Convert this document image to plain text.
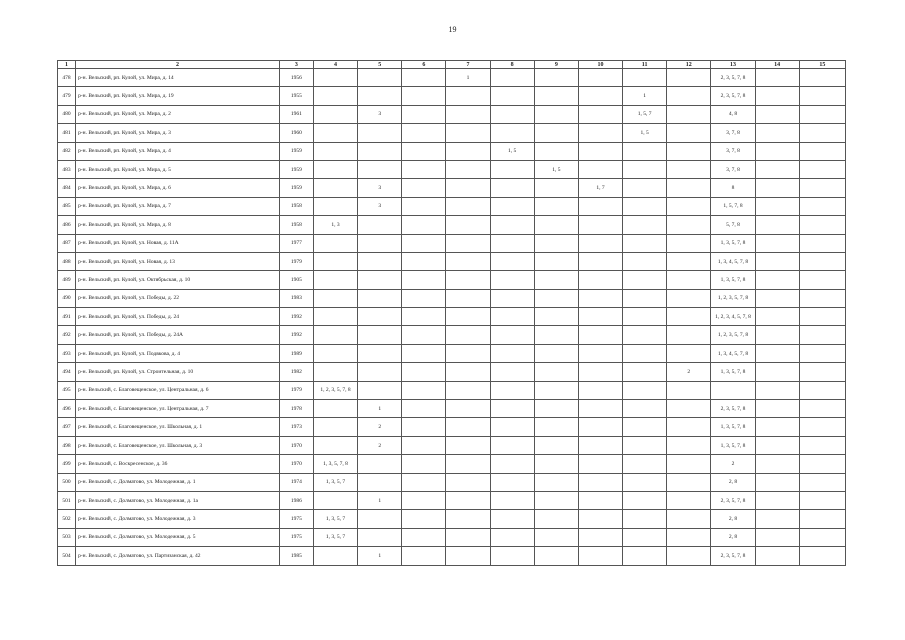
19
1	2	3	4	5	6	7	8	9	10	11	12	13	14	15
478	р-н. Вельский, рп. Кулой, ул. Мира, д. 14	1956				1						2, 3, 5, 7, 8		
479	р-н. Вельский, рп. Кулой, ул. Мира, д. 19	1955								1		2, 3, 5, 7, 8		
480	р-н. Вельский, рп. Кулой, ул. Мира, д. 2	1961		3						1, 5, 7		4, 8		
481	р-н. Вельский, рп. Кулой, ул. Мира, д. 3	1960								1, 5		3, 7, 8		
482	р-н. Вельский, рп. Кулой, ул. Мира, д. 4	1959					1, 5					3, 7, 8		
483	р-н. Вельский, рп. Кулой, ул. Мира, д. 5	1959						1, 5				3, 7, 8		
484	р-н. Вельский, рп. Кулой, ул. Мира, д. 6	1959		3					1, 7			8		
485	р-н. Вельский, рп. Кулой, ул. Мира, д. 7	1958		3								1, 5, 7, 8		
486	р-н. Вельский, рп. Кулой, ул. Мира, д. 8	1958	1, 3									5, 7, 8		
487	р-н. Вельский, рп. Кулой, ул. Новая, д. 11А	1977										1, 3, 5, 7, 8		
488	р-н. Вельский, рп. Кулой, ул. Новая, д. 13	1979										1, 3, 4, 5, 7, 8		
489	р-н. Вельский, рп. Кулой, ул. Октябрьская, д. 10	1905										1, 3, 5, 7, 8		
490	р-н. Вельский, рп. Кулой, ул. Победы, д. 22	1983										1, 2, 3, 5, 7, 8		
491	р-н. Вельский, рп. Кулой, ул. Победы, д. 24	1992										1, 2, 3, 4, 5, 7, 8		
492	р-н. Вельский, рп. Кулой, ул. Победы, д. 24А	1992										1, 2, 3, 5, 7, 8		
493	р-н. Вельский, рп. Кулой, ул. Подвкова, д. 4	1989										1, 3, 4, 5, 7, 8		
494	р-н. Вельский, рп. Кулой, ул. Строительная, д. 10	1982									2	1, 3, 5, 7, 8		
495	р-н. Вельский, с. Благовещенское, ул. Центральная, д. 6	1979	1, 2, 3, 5, 7, 8											
496	р-н. Вельский, с. Благовещенское, ул. Центральная, д. 7	1978		1								2, 3, 5, 7, 8		
497	р-н. Вельский, с. Благовещенское, ул. Школьная, д. 1	1973		2								1, 3, 5, 7, 8		
498	р-н. Вельский, с. Благовещенское, ул. Школьная, д. 3	1970		2								1, 3, 5, 7, 8		
499	р-н. Вельский, с. Воскресенское, д. 36	1970	1, 3, 5, 7, 8									2		
500	р-н. Вельский, с. Долматово, ул. Молодежная, д. 1	1974	1, 3, 5, 7									2, 8		
501	р-н. Вельский, с. Долматово, ул. Молодежная, д. 1а	1986		1								2, 3, 5, 7, 8		
502	р-н. Вельский, с. Долматово, ул. Молодежная, д. 3	1975	1, 3, 5, 7									2, 8		
503	р-н. Вельский, с. Долматово, ул. Молодежная, д. 5	1975	1, 3, 5, 7									2, 8		
504	р-н. Вельский, с. Долматово, ул. Партизанская, д. 42	1985		1								2, 3, 5, 7, 8		
